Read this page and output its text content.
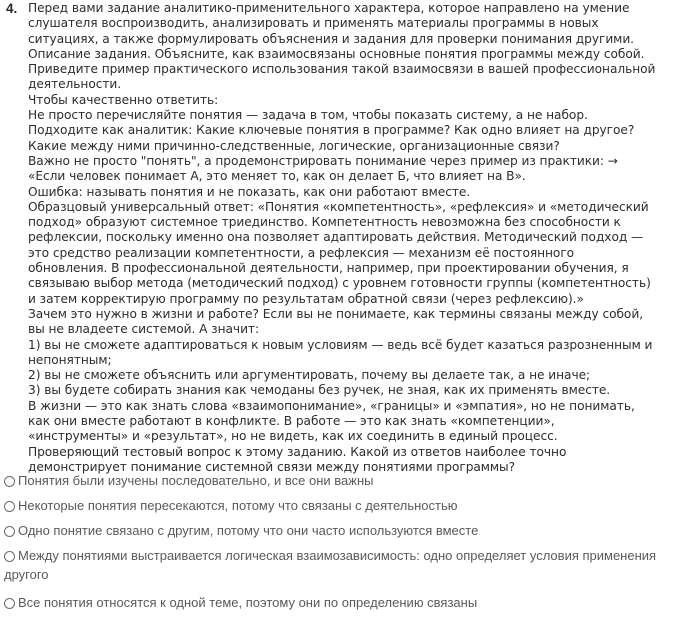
4. Перед вами задание аналитико-применительного характера, которое направлено на умение
слушателя воспроизводить, анализировать и применять материалы программы в новых
ситуациях, а также формулировать объяснения и задания для проверки понимания другими.
Описание задания. Объясните, как взаимосвязаны основные понятия программы между собой.
Приведите пример практического использования такой взаимосвязи в вашей профессиональной
деятельности.
Чтобы качественно ответить:
Не просто перечисляйте понятия — задача в том, чтобы показать систему, а не набор.
Подходите как аналитик: Какие ключевые понятия в программе? Как одно влияет на другое?
Какие между ними причинно-следственные, логические, организационные связи?
Важно не просто "понять", а продемонстрировать понимание через пример из практики: →
«Если человек понимает А, это меняет то, как он делает Б, что влияет на В».
Ошибка: называть понятия и не показать, как они работают вместе.
Образцовый универсальный ответ: «Понятия «компетентность», «рефлексия» и «методический
подход» образуют системное триединство. Компетентность невозможна без способности к
рефлексии, поскольку именно она позволяет адаптировать действия. Методический подход —
это средство реализации компетентности, а рефлексия — механизм её постоянного
обновления. В профессиональной деятельности, например, при проектировании обучения, я
связываю выбор метода (методический подход) с уровнем готовности группы (компетентность)
и затем корректирую программу по результатам обратной связи (через рефлексию).»
Зачем это нужно в жизни и работе? Если вы не понимаете, как термины связаны между собой,
вы не владеете системой. А значит:
1) вы не сможете адаптироваться к новым условиям — ведь всё будет казаться разрозненным и
непонятным;
2) вы не сможете объяснить или аргументировать, почему вы делаете так, а не иначе;
3) вы будете собирать знания как чемоданы без ручек, не зная, как их применять вместе.
В жизни — это как знать слова «взаимопонимание», «границы» и «эмпатия», но не понимать,
как они вместе работают в конфликте. В работе — это как знать «компетенции»,
«инструменты» и «результат», но не видеть, как их соединить в единый процесс.
Проверяющий тестовый вопрос к этому заданию. Какой из ответов наиболее точно
демонстрирует понимание системной связи между понятиями программы?
Понятия были изучены последовательно, и все они важны
Некоторые понятия пересекаются, потому что связаны с деятельностью
Одно понятие связано с другим, потому что они часто используются вместе
Между понятиями выстраивается логическая взаимозависимость: одно определяет условия применения другого
Все понятия относятся к одной теме, поэтому они по определению связаны
